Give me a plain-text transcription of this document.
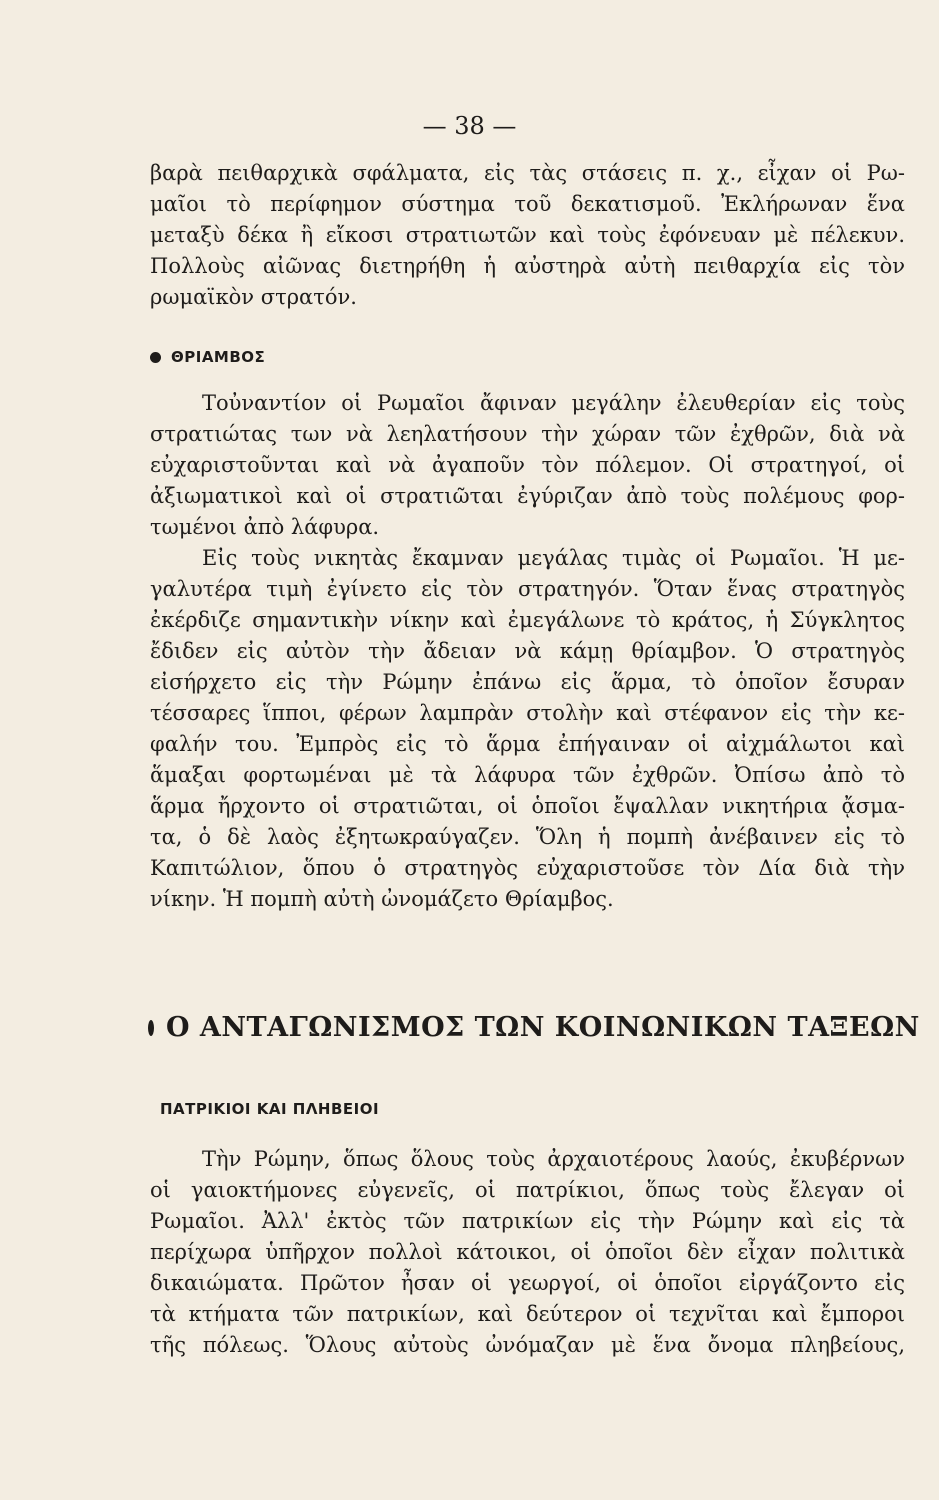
— 38 —
βαρὰ πειθαρχικὰ σφάλματα, εἰς τὰς στάσεις π. χ., εἶχαν οἱ Ρω-
μαῖοι τὸ περίφημον σύστημα τοῦ δεκατισμοῦ. Ἐκλήρωναν ἕνα
μεταξὺ δέκα ἢ εἴκοσι στρατιωτῶν καὶ τοὺς ἐφόνευαν μὲ πέλεκυν.
Πολλοὺς αἰῶνας διετηρήθη ἡ αὐστηρὰ αὐτὴ πειθαρχία εἰς τὸν
ρωμαϊκὸν στρατόν.
ΘΡΙΑΜΒΟΣ
Τοὐναντίον οἱ Ρωμαῖοι ἄφιναν μεγάλην ἐλευθερίαν εἰς τοὺς
στρατιώτας των νὰ λεηλατήσουν τὴν χώραν τῶν ἐχθρῶν, διὰ νὰ
εὐχαριστοῦνται καὶ νὰ ἀγαποῦν τὸν πόλεμον. Οἱ στρατηγοί, οἱ
ἀξιωματικοὶ καὶ οἱ στρατιῶται ἐγύριζαν ἀπὸ τοὺς πολέμους φορ-
τωμένοι ἀπὸ λάφυρα.
Εἰς τοὺς νικητὰς ἔκαμναν μεγάλας τιμὰς οἱ Ρωμαῖοι. Ἡ με-
γαλυτέρα τιμὴ ἐγίνετο εἰς τὸν στρατηγόν. Ὅταν ἕνας στρατηγὸς
ἐκέρδιζε σημαντικὴν νίκην καὶ ἐμεγάλωνε τὸ κράτος, ἡ Σύγκλητος
ἔδιδεν εἰς αὐτὸν τὴν ἄδειαν νὰ κάμῃ θρίαμβον. Ὁ στρατηγὸς
εἰσήρχετο εἰς τὴν Ρώμην ἐπάνω εἰς ἅρμα, τὸ ὁποῖον ἔσυραν
τέσσαρες ἵπποι, φέρων λαμπρὰν στολὴν καὶ στέφανον εἰς τὴν κε-
φαλήν του. Ἐμπρὸς εἰς τὸ ἅρμα ἐπήγαιναν οἱ αἰχμάλωτοι καὶ
ἅμαξαι φορτωμέναι μὲ τὰ λάφυρα τῶν ἐχθρῶν. Ὀπίσω ἀπὸ τὸ
ἅρμα ἤρχοντο οἱ στρατιῶται, οἱ ὁποῖοι ἔψαλλαν νικητήρια ᾄσμα-
τα, ὁ δὲ λαὸς ἐξητωκραύγαζεν. Ὅλη ἡ πομπὴ ἀνέβαινεν εἰς τὸ
Καπιτώλιον, ὅπου ὁ στρατηγὸς εὐχαριστοῦσε τὸν Δία διὰ τὴν
νίκην. Ἡ πομπὴ αὐτὴ ὠνομάζετο Θρίαμβος.
Ο ΑΝΤΑΓΩΝΙΣΜΟΣ ΤΩΝ ΚΟΙΝΩΝΙΚΩΝ ΤΑΞΕΩΝ
ΠΑΤΡΙΚΙΟΙ ΚΑΙ ΠΛΗΒΕΙΟΙ
Τὴν Ρώμην, ὅπως ὅλους τοὺς ἀρχαιοτέρους λαούς, ἐκυβέρνων
οἱ γαιοκτήμονες εὐγενεῖς, οἱ πατρίκιοι, ὅπως τοὺς ἔλεγαν οἱ
Ρωμαῖοι. Ἀλλ' ἐκτὸς τῶν πατρικίων εἰς τὴν Ρώμην καὶ εἰς τὰ
περίχωρα ὑπῆρχον πολλοὶ κάτοικοι, οἱ ὁποῖοι δὲν εἶχαν πολιτικὰ
δικαιώματα. Πρῶτον ἦσαν οἱ γεωργοί, οἱ ὁποῖοι εἰργάζοντο εἰς
τὰ κτήματα τῶν πατρικίων, καὶ δεύτερον οἱ τεχνῖται καὶ ἔμποροι
τῆς πόλεως. Ὅλους αὐτοὺς ὠνόμαζαν μὲ ἕνα ὄνομα πληβείους,
